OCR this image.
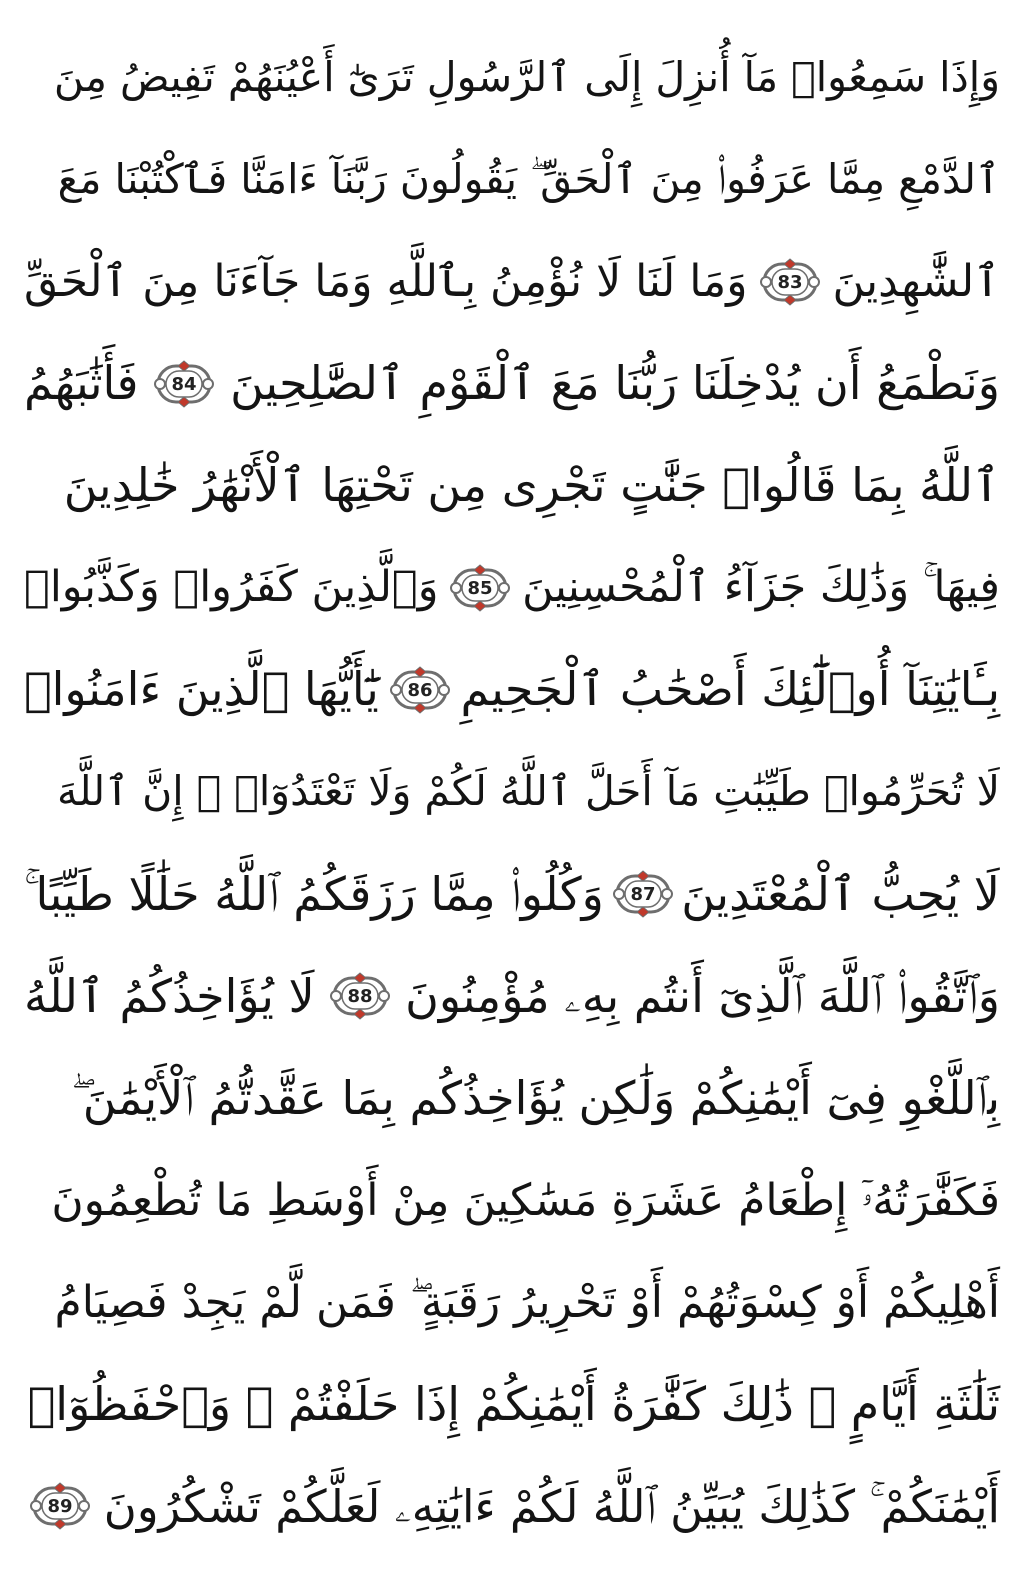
وَإِذَا سَمِعُوا۟ مَآ أُنزِلَ إِلَى ٱلرَّسُولِ تَرَىٰٓ أَعْيُنَهُمْ تَفِيضُ مِنَ
ٱلدَّمْعِ مِمَّا عَرَفُوا۟ مِنَ ٱلْحَقِّ ۖ يَقُولُونَ رَبَّنَآ ءَامَنَّا فَٱكْتُبْنَا مَعَ
ٱلشَّٰهِدِينَ
83
وَمَا لَنَا لَا نُؤْمِنُ بِٱللَّهِ وَمَا جَآءَنَا مِنَ ٱلْحَقِّ
وَنَطْمَعُ أَن يُدْخِلَنَا رَبُّنَا مَعَ ٱلْقَوْمِ ٱلصَّٰلِحِينَ
84
فَأَثَٰبَهُمُ
ٱللَّهُ بِمَا قَالُوا۟ جَنَّٰتٍ تَجْرِى مِن تَحْتِهَا ٱلْأَنْهَٰرُ خَٰلِدِينَ
فِيهَا ۚ وَذَٰلِكَ جَزَآءُ ٱلْمُحْسِنِينَ
85
وَٱلَّذِينَ كَفَرُوا۟ وَكَذَّبُوا۟
بِـَٔايَٰتِنَآ أُو۟لَٰٓئِكَ أَصْحَٰبُ ٱلْجَحِيمِ
86
يَٰٓأَيُّهَا ٱلَّذِينَ ءَامَنُوا۟
لَا تُحَرِّمُوا۟ طَيِّبَٰتِ مَآ أَحَلَّ ٱللَّهُ لَكُمْ وَلَا تَعْتَدُوٓا۟ ۚ إِنَّ ٱللَّهَ
لَا يُحِبُّ ٱلْمُعْتَدِينَ
87
وَكُلُوا۟ مِمَّا رَزَقَكُمُ ٱللَّهُ حَلَٰلًا طَيِّبًا ۚ
وَٱتَّقُوا۟ ٱللَّهَ ٱلَّذِىٓ أَنتُم بِهِۦ مُؤْمِنُونَ
88
لَا يُؤَاخِذُكُمُ ٱللَّهُ
بِٱللَّغْوِ فِىٓ أَيْمَٰنِكُمْ وَلَٰكِن يُؤَاخِذُكُم بِمَا عَقَّدتُّمُ ٱلْأَيْمَٰنَ ۖ
فَكَفَّٰرَتُهُۥٓ إِطْعَامُ عَشَرَةِ مَسَٰكِينَ مِنْ أَوْسَطِ مَا تُطْعِمُونَ
أَهْلِيكُمْ أَوْ كِسْوَتُهُمْ أَوْ تَحْرِيرُ رَقَبَةٍ ۖ فَمَن لَّمْ يَجِدْ فَصِيَامُ
ثَلَٰثَةِ أَيَّامٍ ۚ ذَٰلِكَ كَفَّٰرَةُ أَيْمَٰنِكُمْ إِذَا حَلَفْتُمْ ۚ وَٱحْفَظُوٓا۟
أَيْمَٰنَكُمْ ۚ كَذَٰلِكَ يُبَيِّنُ ٱللَّهُ لَكُمْ ءَايَٰتِهِۦ لَعَلَّكُمْ تَشْكُرُونَ
89
